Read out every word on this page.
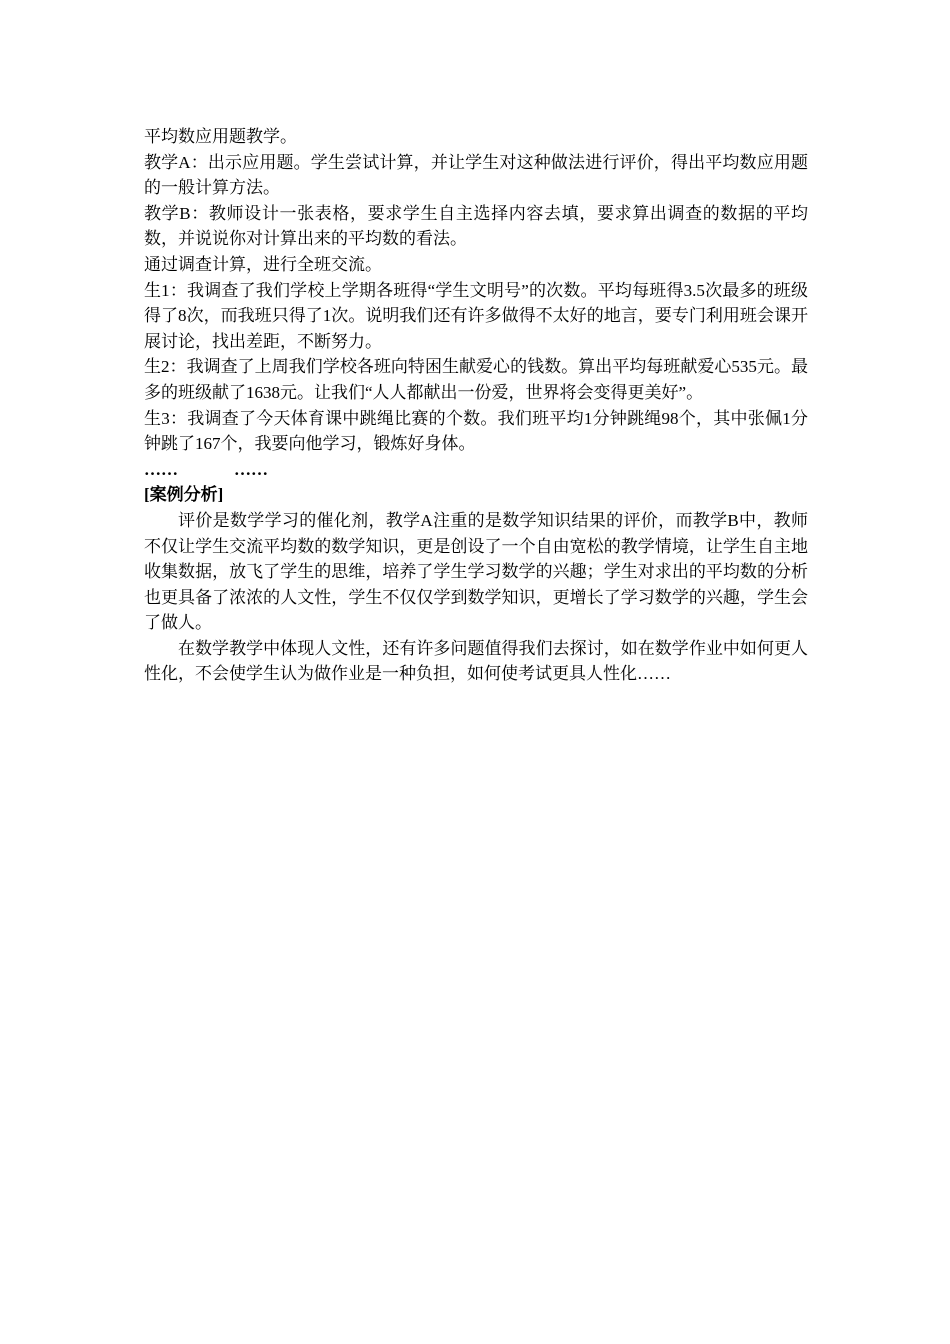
平均数应用题教学。

教学A：出示应用题。学生尝试计算，并让学生对这种做法进行评价，得出平均数应用题的一般计算方法。

教学B：教师设计一张表格，要求学生自主选择内容去填，要求算出调查的数据的平均数，并说说你对计算出来的平均数的看法。

通过调查计算，进行全班交流。

生1：我调查了我们学校上学期各班得“学生文明号”的次数。平均每班得3.5次最多的班级得了8次，而我班只得了1次。说明我们还有许多做得不太好的地言，要专门利用班会课开展讨论，找出差距，不断努力。

生2：我调查了上周我们学校各班向特困生献爱心的钱数。算出平均每班献爱心535元。最多的班级献了1638元。让我们“人人都献出一份爱，世界将会变得更美好”。

生3：我调查了今天体育课中跳绳比赛的个数。我们班平均1分钟跳绳98个，其中张佩1分钟跳了167个，我要向他学习，锻炼好身体。

……	……

[案例分析]

评价是数学学习的催化剂，教学A注重的是数学知识结果的评价，而教学B中，教师不仅让学生交流平均数的数学知识，更是创设了一个自由宽松的教学情境，让学生自主地收集数据，放飞了学生的思维，培养了学生学习数学的兴趣；学生对求出的平均数的分析也更具备了浓浓的人文性，学生不仅仅学到数学知识，更增长了学习数学的兴趣，学生会了做人。

在数学教学中体现人文性，还有许多问题值得我们去探讨，如在数学作业中如何更人性化，不会使学生认为做作业是一种负担，如何使考试更具人性化……
